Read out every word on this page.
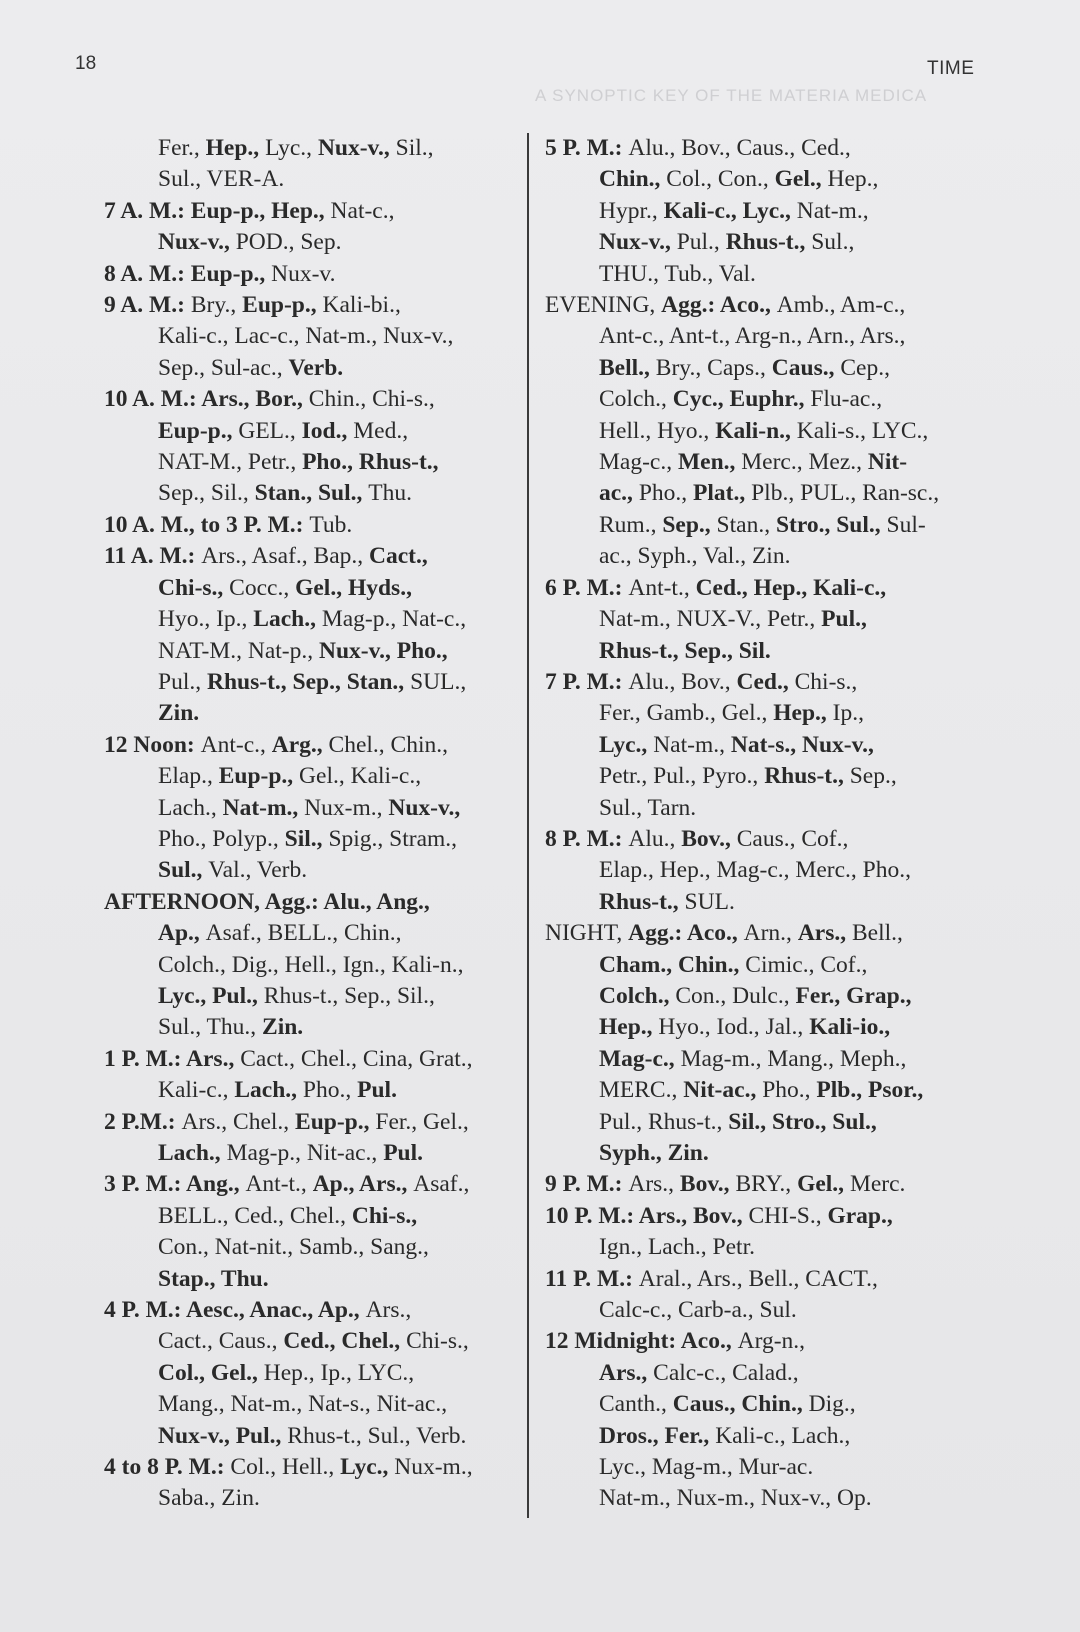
A SYNOPTIC KEY OF THE MATERIA MEDICA
18	TIME
Fer., Hep., Lyc., Nux-v., Sil.,
Sul., VER-A.
7 A. M.: Eup-p., Hep., Nat-c.,
Nux-v., POD., Sep.
8 A. M.: Eup-p., Nux-v.
9 A. M.: Bry., Eup-p., Kali-bi.,
Kali-c., Lac-c., Nat-m., Nux-v.,
Sep., Sul-ac., Verb.
10 A. M.: Ars., Bor., Chin., Chi-s.,
Eup-p., GEL., Iod., Med.,
NAT-M., Petr., Pho., Rhus-t.,
Sep., Sil., Stan., Sul., Thu.
10 A. M., to 3 P. M.: Tub.
11 A. M.: Ars., Asaf., Bap., Cact.,
Chi-s., Cocc., Gel., Hyds.,
Hyo., Ip., Lach., Mag-p., Nat-c.,
NAT-M., Nat-p., Nux-v., Pho.,
Pul., Rhus-t., Sep., Stan., SUL.,
Zin.
12 Noon: Ant-c., Arg., Chel., Chin.,
Elap., Eup-p., Gel., Kali-c.,
Lach., Nat-m., Nux-m., Nux-v.,
Pho., Polyp., Sil., Spig., Stram.,
Sul., Val., Verb.
AFTERNOON, Agg.: Alu., Ang.,
Ap., Asaf., BELL., Chin.,
Colch., Dig., Hell., Ign., Kali-n.,
Lyc., Pul., Rhus-t., Sep., Sil.,
Sul., Thu., Zin.
1 P. M.: Ars., Cact., Chel., Cina, Grat.,
Kali-c., Lach., Pho., Pul.
2 P.M.: Ars., Chel., Eup-p., Fer., Gel.,
Lach., Mag-p., Nit-ac., Pul.
3 P. M.: Ang., Ant-t., Ap., Ars., Asaf.,
BELL., Ced., Chel., Chi-s.,
Con., Nat-nit., Samb., Sang.,
Stap., Thu.
4 P. M.: Aesc., Anac., Ap., Ars.,
Cact., Caus., Ced., Chel., Chi-s.,
Col., Gel., Hep., Ip., LYC.,
Mang., Nat-m., Nat-s., Nit-ac.,
Nux-v., Pul., Rhus-t., Sul., Verb.
4 to 8 P. M.: Col., Hell., Lyc., Nux-m.,
Saba., Zin.
5 P. M.: Alu., Bov., Caus., Ced.,
Chin., Col., Con., Gel., Hep.,
Hypr., Kali-c., Lyc., Nat-m.,
Nux-v., Pul., Rhus-t., Sul.,
THU., Tub., Val.
EVENING, Agg.: Aco., Amb., Am-c.,
Ant-c., Ant-t., Arg-n., Arn., Ars.,
Bell., Bry., Caps., Caus., Cep.,
Colch., Cyc., Euphr., Flu-ac.,
Hell., Hyo., Kali-n., Kali-s., LYC.,
Mag-c., Men., Merc., Mez., Nit-
ac., Pho., Plat., Plb., PUL., Ran-sc.,
Rum., Sep., Stan., Stro., Sul., Sul-
ac., Syph., Val., Zin.
6 P. M.: Ant-t., Ced., Hep., Kali-c.,
Nat-m., NUX-V., Petr., Pul.,
Rhus-t., Sep., Sil.
7 P. M.: Alu., Bov., Ced., Chi-s.,
Fer., Gamb., Gel., Hep., Ip.,
Lyc., Nat-m., Nat-s., Nux-v.,
Petr., Pul., Pyro., Rhus-t., Sep.,
Sul., Tarn.
8 P. M.: Alu., Bov., Caus., Cof.,
Elap., Hep., Mag-c., Merc., Pho.,
Rhus-t., SUL.
NIGHT, Agg.: Aco., Arn., Ars., Bell.,
Cham., Chin., Cimic., Cof.,
Colch., Con., Dulc., Fer., Grap.,
Hep., Hyo., Iod., Jal., Kali-io.,
Mag-c., Mag-m., Mang., Meph.,
MERC., Nit-ac., Pho., Plb., Psor.,
Pul., Rhus-t., Sil., Stro., Sul.,
Syph., Zin.
9 P. M.: Ars., Bov., BRY., Gel., Merc.
10 P. M.: Ars., Bov., CHI-S., Grap.,
Ign., Lach., Petr.
11 P. M.: Aral., Ars., Bell., CACT.,
Calc-c., Carb-a., Sul.
12 Midnight: Aco., Arg-n.,
Ars., Calc-c., Calad.,
Canth., Caus., Chin., Dig.,
Dros., Fer., Kali-c., Lach.,
Lyc., Mag-m., Mur-ac.
Nat-m., Nux-m., Nux-v., Op.
